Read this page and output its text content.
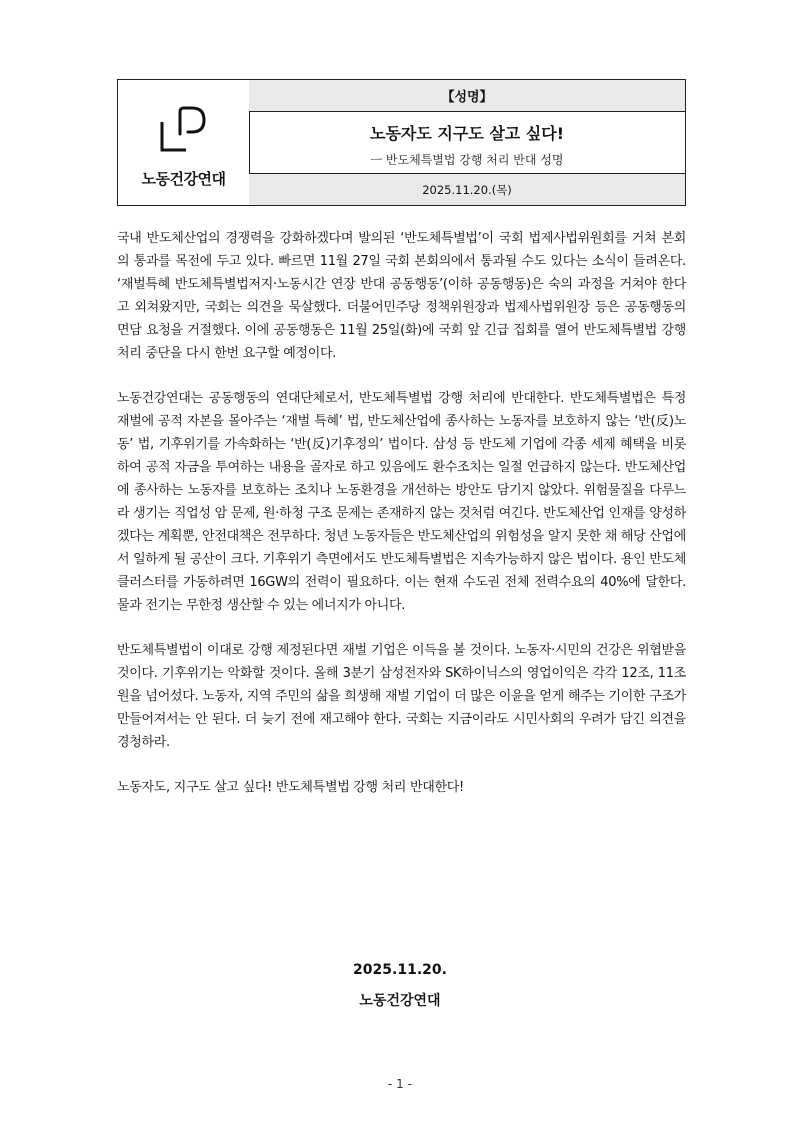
노동건강연대
【성명】
노동자도 지구도 살고 싶다!
ㅡ 반도체특별법 강행 처리 반대 성명
2025.11.20.(목)

국내 반도체산업의 경쟁력을 강화하겠다며 발의된 ‘반도체특별법’이 국회 법제사법위원회를 거쳐 본회의 통과를 목전에 두고 있다. 빠르면 11월 27일 국회 본회의에서 통과될 수도 있다는 소식이 들려온다. ‘재벌특혜 반도체특별법저지·노동시간 연장 반대 공동행동’(이하 공동행동)은 숙의 과정을 거쳐야 한다고 외쳐왔지만, 국회는 의견을 묵살했다. 더불어민주당 정책위원장과 법제사법위원장 등은 공동행동의 면담 요청을 거절했다. 이에 공동행동은 11월 25일(화)에 국회 앞 긴급 집회를 열어 반도체특별법 강행 처리 중단을 다시 한번 요구할 예정이다.

노동건강연대는 공동행동의 연대단체로서, 반도체특별법 강행 처리에 반대한다. 반도체특별법은 특정 재벌에 공적 자본을 몰아주는 ‘재벌 특혜’ 법, 반도체산업에 종사하는 노동자를 보호하지 않는 ‘반(反)노동’ 법, 기후위기를 가속화하는 ‘반(反)기후정의’ 법이다. 삼성 등 반도체 기업에 각종 세제 혜택을 비롯하여 공적 자금을 투여하는 내용을 골자로 하고 있음에도 환수조치는 일절 언급하지 않는다. 반도체산업에 종사하는 노동자를 보호하는 조치나 노동환경을 개선하는 방안도 담기지 않았다. 위험물질을 다루느라 생기는 직업성 암 문제, 원·하청 구조 문제는 존재하지 않는 것처럼 여긴다. 반도체산업 인재를 양성하겠다는 계획뿐, 안전대책은 전무하다. 청년 노동자들은 반도체산업의 위험성을 알지 못한 채 해당 산업에서 일하게 될 공산이 크다. 기후위기 측면에서도 반도체특별법은 지속가능하지 않은 법이다. 용인 반도체 클러스터를 가동하려면 16GW의 전력이 필요하다. 이는 현재 수도권 전체 전력수요의 40%에 달한다. 물과 전기는 무한정 생산할 수 있는 에너지가 아니다.

반도체특별법이 이대로 강행 제정된다면 재벌 기업은 이득을 볼 것이다. 노동자·시민의 건강은 위협받을 것이다. 기후위기는 악화할 것이다. 올해 3분기 삼성전자와 SK하이닉스의 영업이익은 각각 12조, 11조 원을 넘어섰다. 노동자, 지역 주민의 삶을 희생해 재벌 기업이 더 많은 이윤을 얻게 해주는 기이한 구조가 만들어져서는 안 된다. 더 늦기 전에 재고해야 한다. 국회는 지금이라도 시민사회의 우려가 담긴 의견을 경청하라.

노동자도, 지구도 살고 싶다! 반도체특별법 강행 처리 반대한다!

2025.11.20.
노동건강연대
- 1 -
